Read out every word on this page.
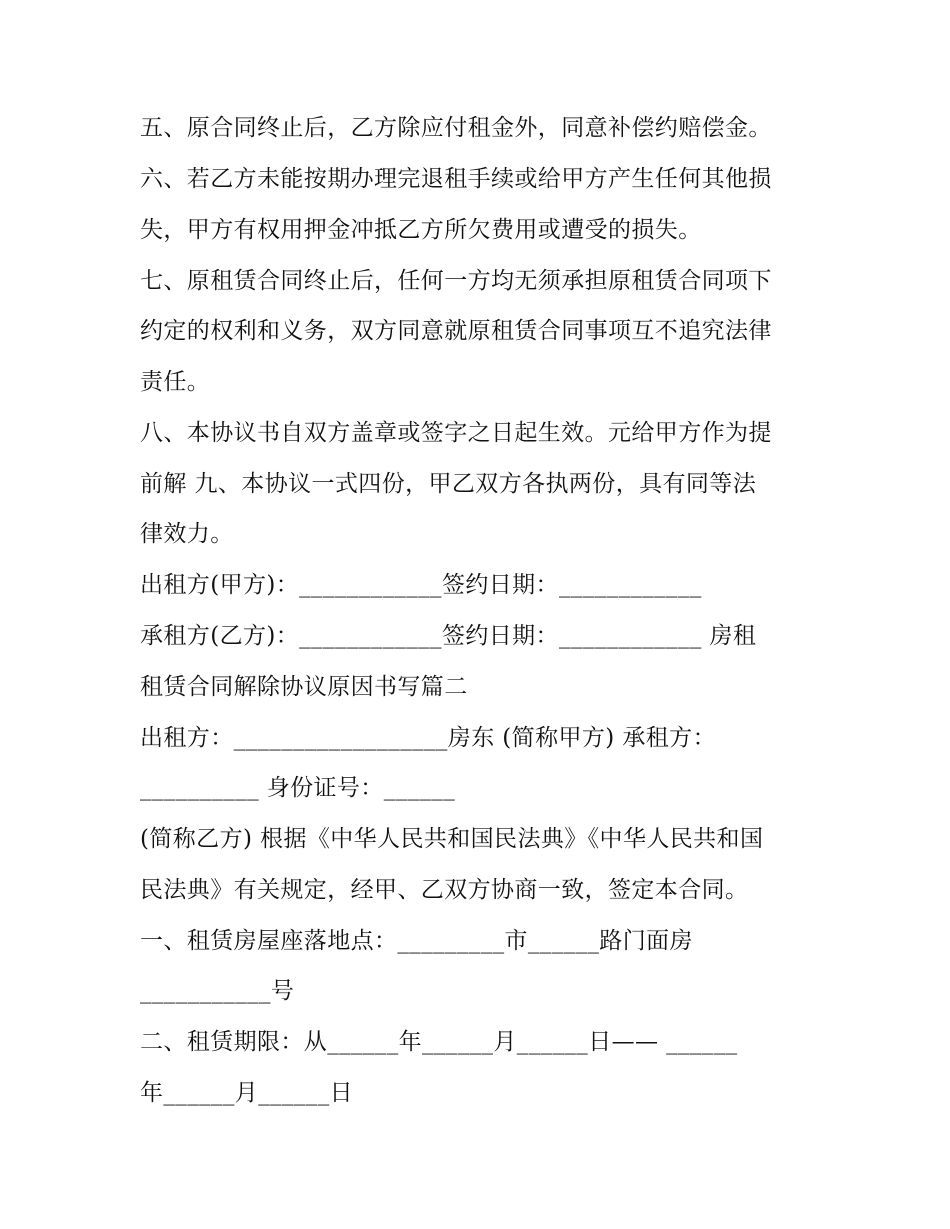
五、原合同终止后，乙方除应付租金外，同意补偿约赔偿金。
六、若乙方未能按期办理完退租手续或给甲方产生任何其他损
失，甲方有权用押金冲抵乙方所欠费用或遭受的损失。
七、原租赁合同终止后，任何一方均无须承担原租赁合同项下
约定的权利和义务，双方同意就原租赁合同事项互不追究法律
责任。
八、本协议书自双方盖章或签字之日起生效。元给甲方作为提
前解 九、本协议一式四份，甲乙双方各执两份，具有同等法
律效力。
出租方(甲方)：____________签约日期：____________
承租方(乙方)：____________签约日期：____________ 房租
租赁合同解除协议原因书写篇二
出租方：__________________房东 (简称甲方) 承租方：
__________ 身份证号：______
(简称乙方) 根据《中华人民共和国民法典》《中华人民共和国
民法典》有关规定，经甲、乙双方协商一致，签定本合同。
一、租赁房屋座落地点：_________市______路门面房
___________号
二、租赁期限：从______年______月______日—— ______
年______月______日
